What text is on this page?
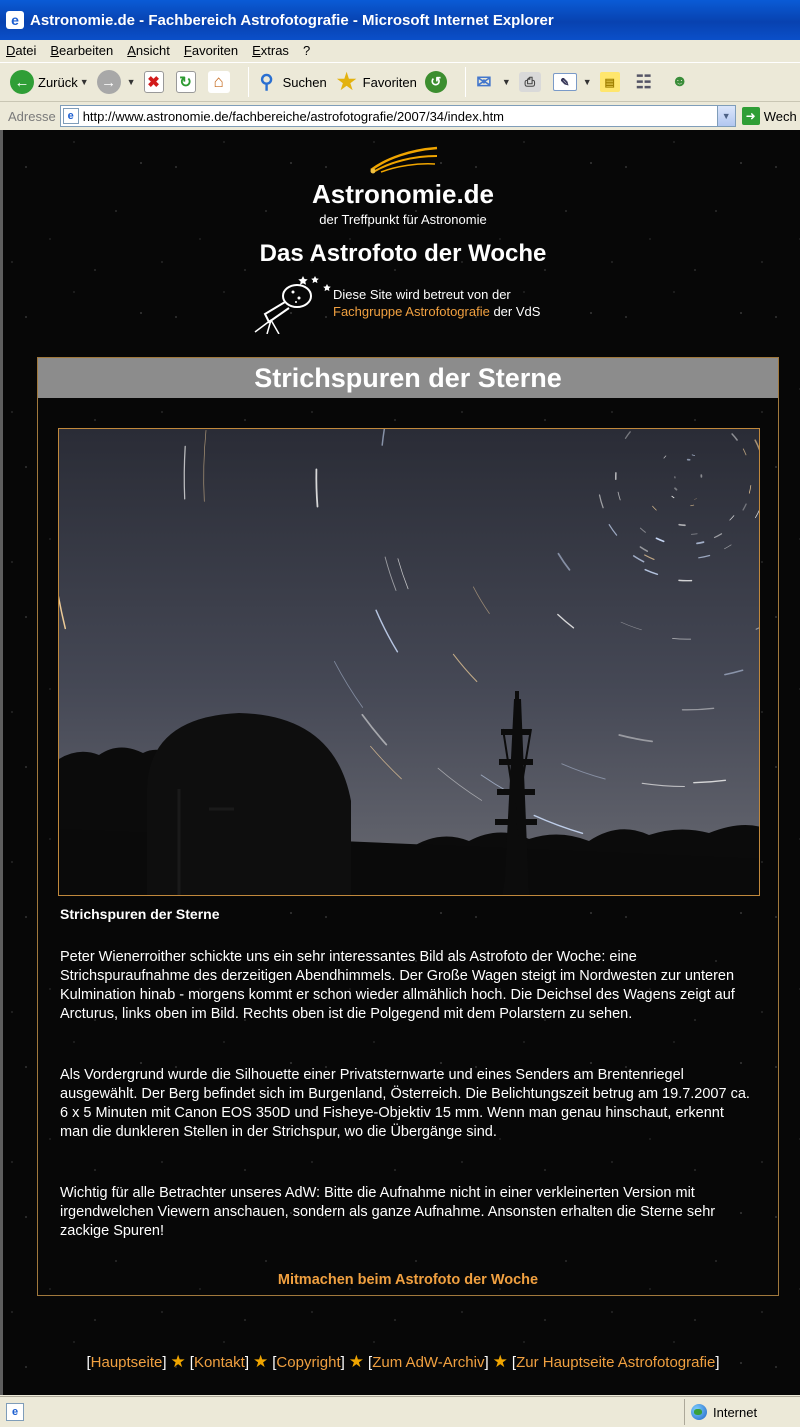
e Astronomie.de - Fachbereich Astrofotografie - Microsoft Internet Explorer
Datei Bearbeiten Ansicht Favoriten Extras ?
← Zurück ▼ →	▼ ✖ ↻	⌂	⚲ Suchen ★ Favoriten	↺	✉	▼	⎙	✎	▼	▤ ☷ ☻
Adresse	e
http://www.astronomie.de/fachbereiche/astrofotografie/2007/34/index.htm	▼	➜ Wech
Astronomie.de
der Treffpunkt für Astronomie
Das Astrofoto der Woche
Diese Site wird betreut von der
Fachgruppe Astrofotografie der VdS
Strichspuren der Sterne
Strichspuren der Sterne
Peter Wienerroither schickte uns ein sehr interessantes Bild als Astrofoto der Woche: eine Strichspuraufnahme des derzeitigen Abendhimmels. Der Große Wagen steigt im Nordwesten zur unteren Kulmination hinab - morgens kommt er schon wieder allmählich hoch. Die Deichsel des Wagens zeigt auf Arcturus, links oben im Bild. Rechts oben ist die Polgegend mit dem Polarstern zu sehen.
Als Vordergrund wurde die Silhouette einer Privatsternwarte und eines Senders am Brentenriegel ausgewählt. Der Berg befindet sich im Burgenland, Österreich. Die Belichtungszeit betrug am 19.7.2007 ca. 6 x 5 Minuten mit Canon EOS 350D und Fisheye-Objektiv 15 mm. Wenn man genau hinschaut, erkennt man die dunkleren Stellen in der Strichspur, wo die Übergänge sind.
Wichtig für alle Betrachter unseres AdW: Bitte die Aufnahme nicht in einer verkleinerten Version mit irgendwelchen Viewern anschauen, sondern als ganze Aufnahme. Ansonsten erhalten die Sterne sehr zackige Spuren!
Mitmachen beim Astrofoto der Woche
[Hauptseite] ★ [Kontakt] ★ [Copyright] ★ [Zum AdW-Archiv] ★ [Zur Hauptseite Astrofotografie]
e	Internet
